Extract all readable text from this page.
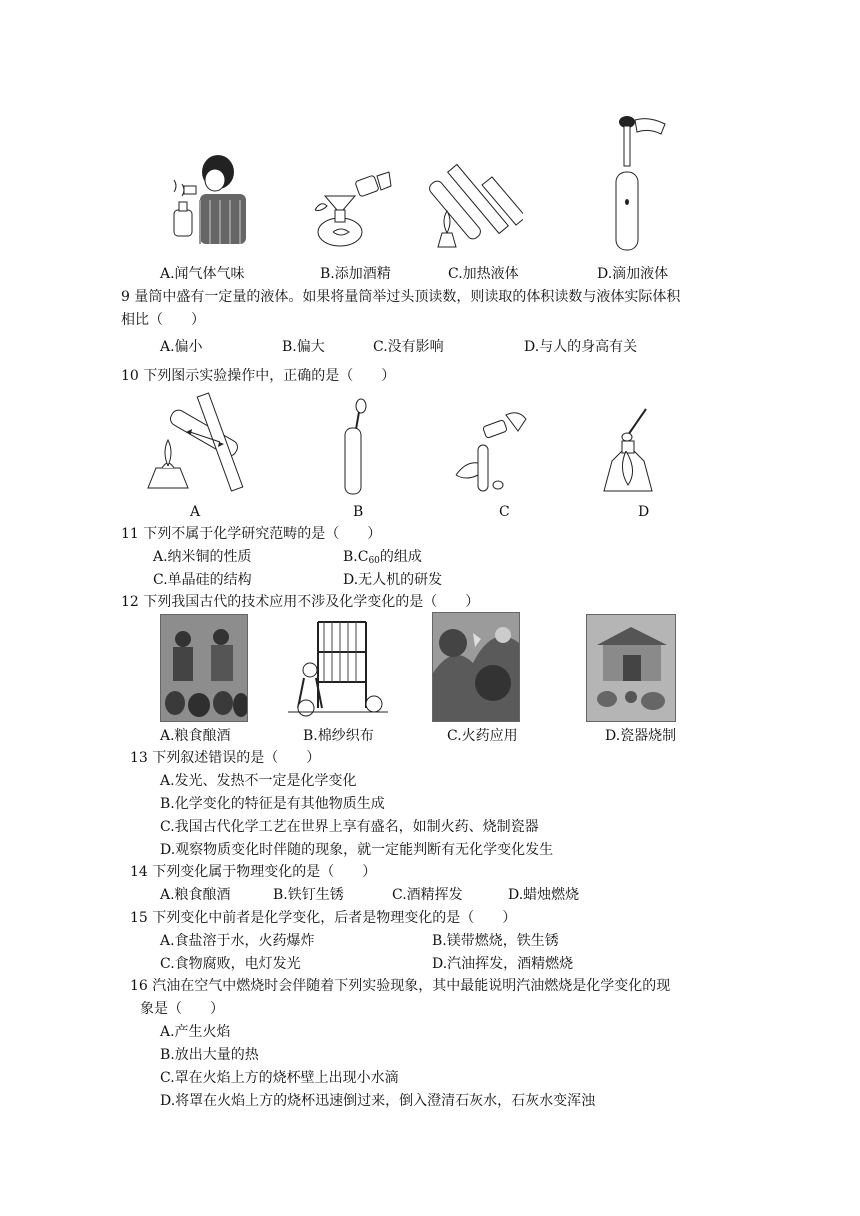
A.闻气体气味	B.添加酒精	C.加热液体	D.滴加液体
9 量筒中盛有一定量的液体。如果将量筒举过头顶读数，则读取的体积读数与液体实际体积
相比（　　）
A.偏小	B.偏大	C.没有影响	D.与人的身高有关
10 下列图示实验操作中，正确的是（　　）
A	B	C	D
11 下列不属于化学研究范畴的是（　　）
A.纳米铜的性质	$B.C_{60}$的组成
C.单晶硅的结构	D.无人机的研发
12 下列我国古代的技术应用不涉及化学变化的是（　　）
A.粮食酿酒	B.棉纱织布	C.火药应用	D.瓷器烧制
13 下列叙述错误的是（　　）
A.发光、发热不一定是化学变化
B.化学变化的特征是有其他物质生成
C.我国古代化学工艺在世界上享有盛名，如制火药、烧制瓷器
D.观察物质变化时伴随的现象，就一定能判断有无化学变化发生
14 下列变化属于物理变化的是（　　）
A.粮食酿酒	B.铁钉生锈	C.酒精挥发	D.蜡烛燃烧
15 下列变化中前者是化学变化，后者是物理变化的是（　　）
A.食盐溶于水，火药爆炸	B.镁带燃烧，铁生锈
C.食物腐败，电灯发光	D.汽油挥发，酒精燃烧
16 汽油在空气中燃烧时会伴随着下列实验现象，其中最能说明汽油燃烧是化学变化的现
象是（　　）
A.产生火焰
B.放出大量的热
C.罩在火焰上方的烧杯壁上出现小水滴
D.将罩在火焰上方的烧杯迅速倒过来，倒入澄清石灰水，石灰水变浑浊
